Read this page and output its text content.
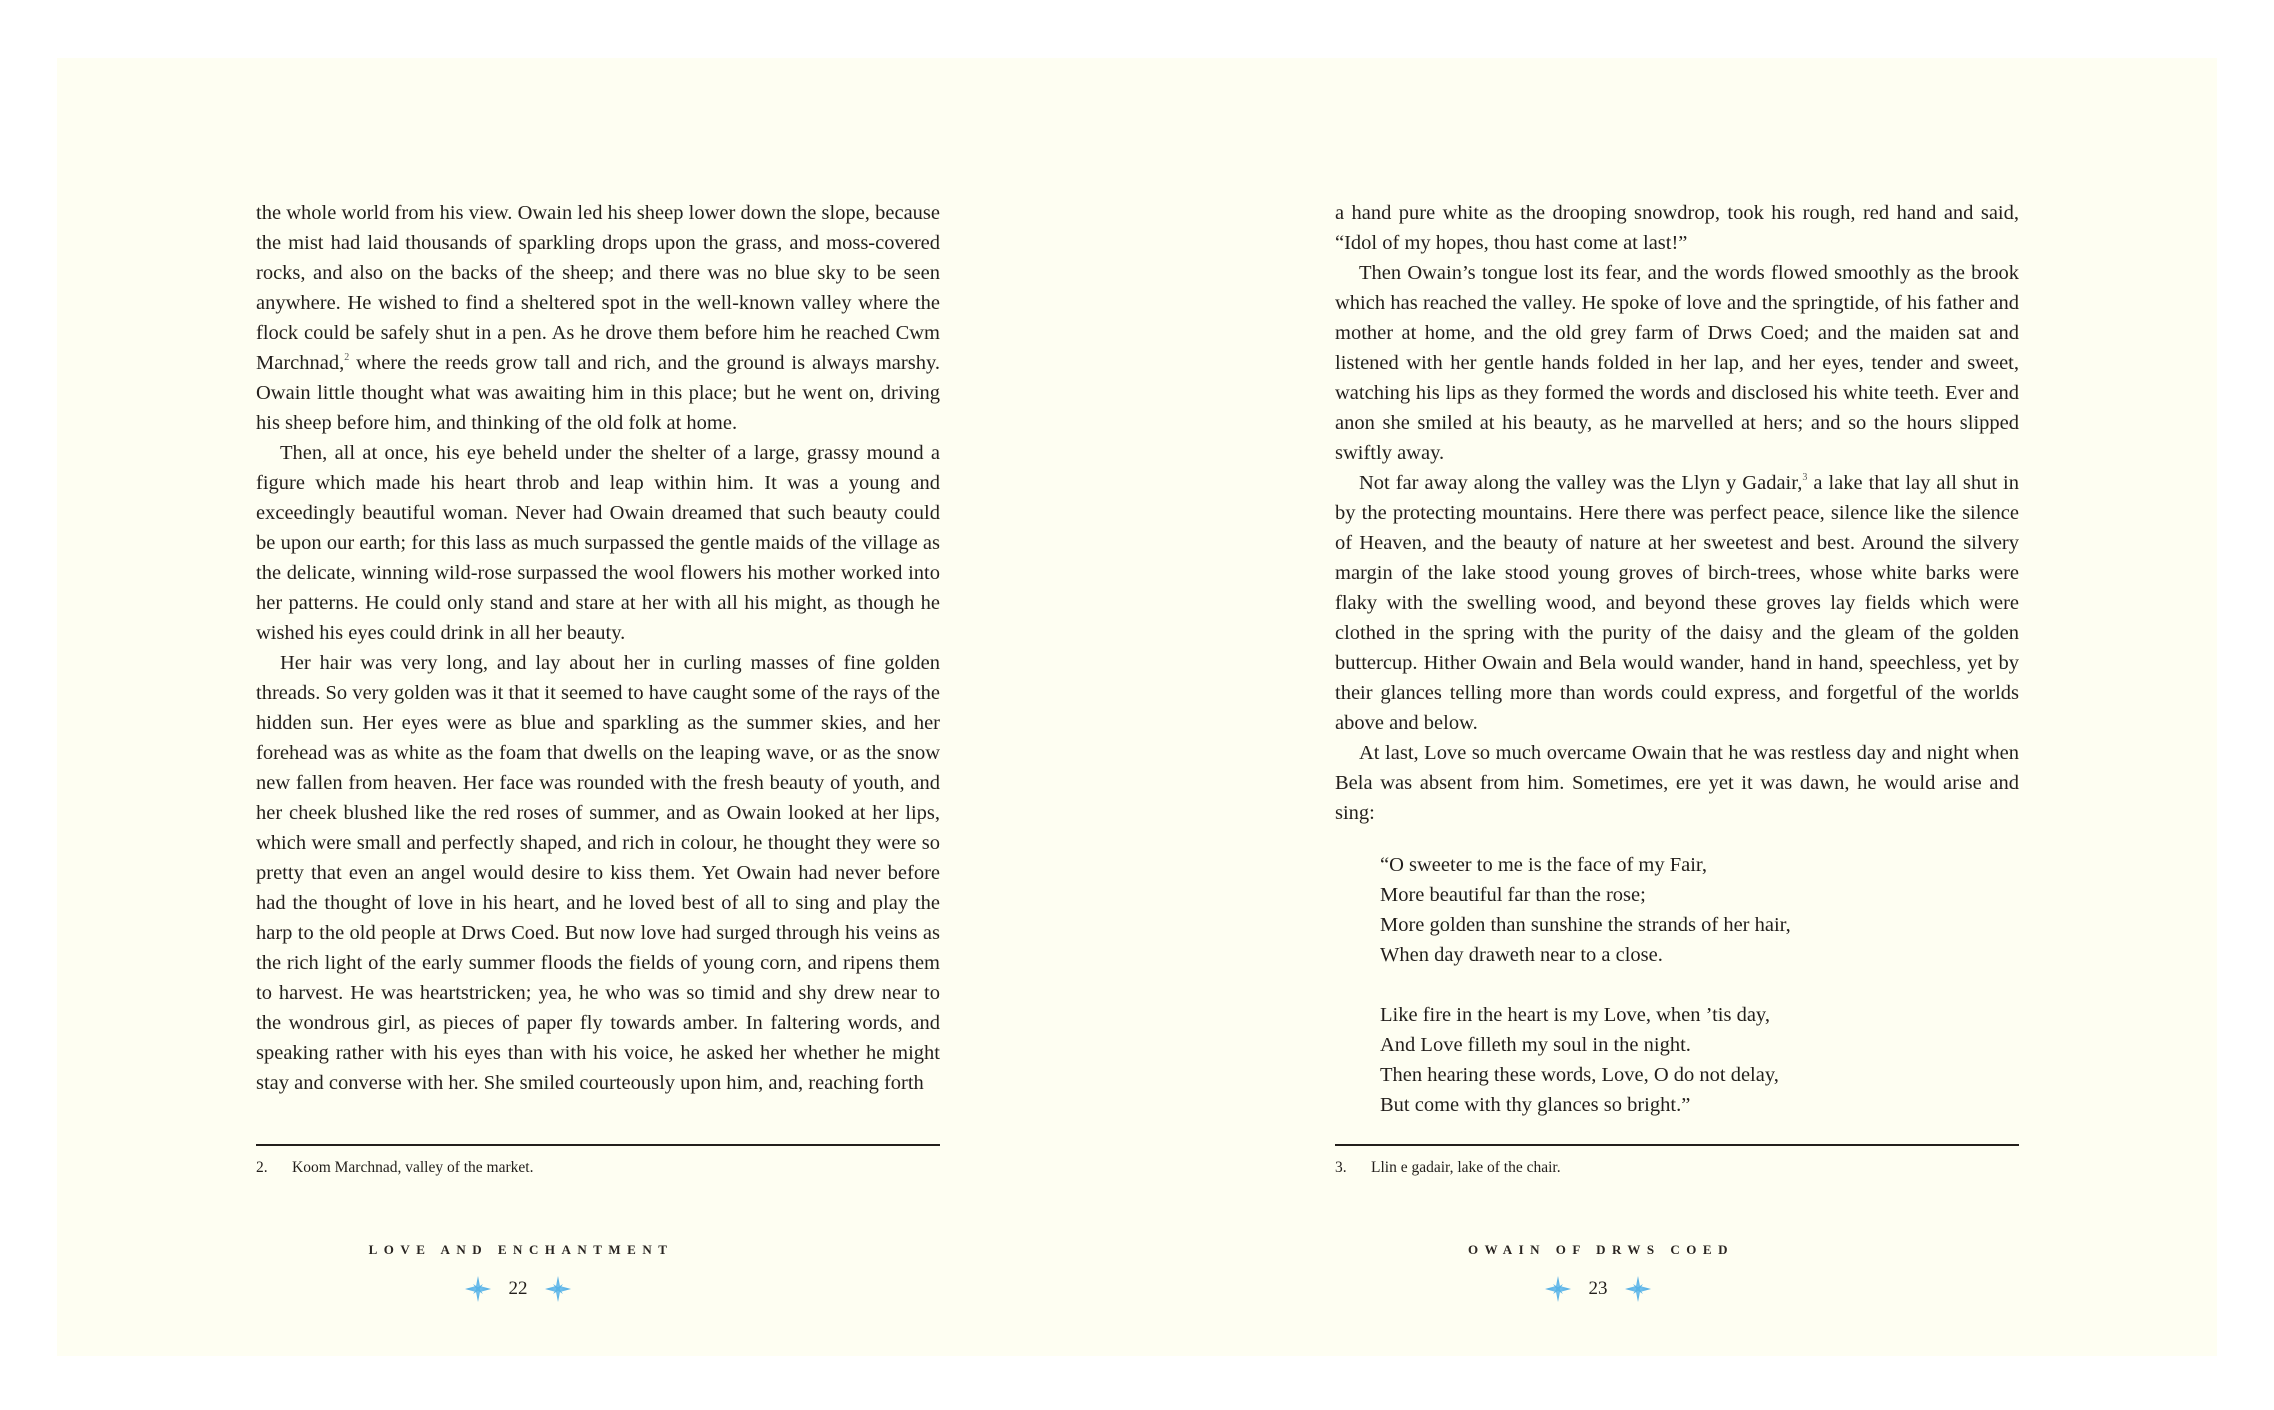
the whole world from his view. Owain led his sheep lower down the slope, because the mist had laid thousands of sparkling drops upon the grass, and moss-covered rocks, and also on the backs of the sheep; and there was no blue sky to be seen anywhere. He wished to find a sheltered spot in the well-known valley where the flock could be safely shut in a pen. As he drove them before him he reached Cwm Marchnad,$^2$ where the reeds grow tall and rich, and the ground is always marshy. Owain little thought what was awaiting him in this place; but he went on, driving his sheep before him, and thinking of the old folk at home.

Then, all at once, his eye beheld under the shelter of a large, grassy mound a figure which made his heart throb and leap within him. It was a young and exceedingly beautiful woman. Never had Owain dreamed that such beauty could be upon our earth; for this lass as much surpassed the gentle maids of the village as the delicate, winning wild-rose surpassed the wool flowers his mother worked into her patterns. He could only stand and stare at her with all his might, as though he wished his eyes could drink in all her beauty.

Her hair was very long, and lay about her in curling masses of fine golden threads. So very golden was it that it seemed to have caught some of the rays of the hidden sun. Her eyes were as blue and sparkling as the summer skies, and her forehead was as white as the foam that dwells on the leaping wave, or as the snow new fallen from heaven. Her face was rounded with the fresh beauty of youth, and her cheek blushed like the red roses of summer, and as Owain looked at her lips, which were small and perfectly shaped, and rich in colour, he thought they were so pretty that even an angel would desire to kiss them. Yet Owain had never before had the thought of love in his heart, and he loved best of all to sing and play the harp to the old people at Drws Coed. But now love had surged through his veins as the rich light of the early summer floods the fields of young corn, and ripens them to harvest. He was heartstricken; yea, he who was so timid and shy drew near to the wondrous girl, as pieces of paper fly towards amber. In faltering words, and speaking rather with his eyes than with his voice, he asked her whether he might stay and converse with her. She smiled courteously upon him, and, reaching forth

2.	Koom Marchnad, valley of the market.
LOVE AND ENCHANTMENT
22

a hand pure white as the drooping snowdrop, took his rough, red hand and said, “Idol of my hopes, thou hast come at last!”

Then Owain’s tongue lost its fear, and the words flowed smoothly as the brook which has reached the valley. He spoke of love and the springtide, of his father and mother at home, and the old grey farm of Drws Coed; and the maiden sat and listened with her gentle hands folded in her lap, and her eyes, tender and sweet, watching his lips as they formed the words and disclosed his white teeth. Ever and anon she smiled at his beauty, as he marvelled at hers; and so the hours slipped swiftly away.

Not far away along the valley was the Llyn y Gadair,$^3$ a lake that lay all shut in by the protecting mountains. Here there was perfect peace, silence like the silence of Heaven, and the beauty of nature at her sweetest and best. Around the silvery margin of the lake stood young groves of birch-trees, whose white barks were flaky with the swelling wood, and beyond these groves lay fields which were clothed in the spring with the purity of the daisy and the gleam of the golden buttercup. Hither Owain and Bela would wander, hand in hand, speechless, yet by their glances telling more than words could express, and forgetful of the worlds above and below.

At last, Love so much overcame Owain that he was restless day and night when Bela was absent from him. Sometimes, ere yet it was dawn, he would arise and sing:

“O sweeter to me is the face of my Fair,
More beautiful far than the rose;
More golden than sunshine the strands of her hair,
When day draweth near to a close.
Like fire in the heart is my Love, when ’tis day,
And Love filleth my soul in the night.
Then hearing these words, Love, O do not delay,
But come with thy glances so bright.”
3.	Llin e gadair, lake of the chair.
OWAIN OF DRWS COED
23
